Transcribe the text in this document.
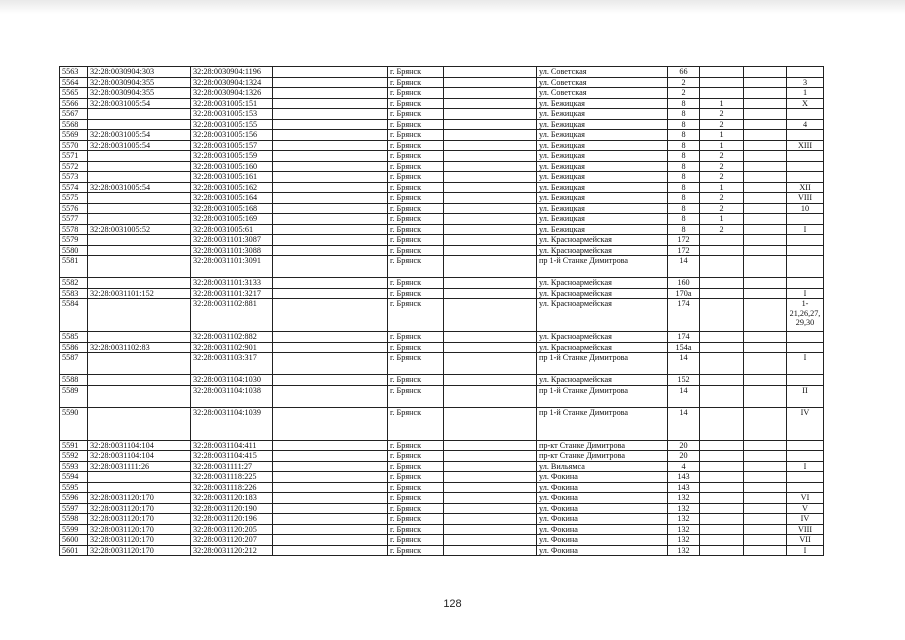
5563	32:28:0030904:303	32:28:0030904:1196		г. Брянск		ул. Советская	66			
5564	32:28:0030904:355	32:28:0030904:1324		г. Брянск		ул. Советская	2			3
5565	32:28:0030904:355	32:28:0030904:1326		г. Брянск		ул. Советская	2			1
5566	32:28:0031005:54	32:28:0031005:151		г. Брянск		ул. Бежицкая	8	1		X
5567		32:28:0031005:153		г. Брянск		ул. Бежицкая	8	2		
5568		32:28:0031005:155		г. Брянск		ул. Бежицкая	8	2		4
5569	32:28:0031005:54	32:28:0031005:156		г. Брянск		ул. Бежицкая	8	1		
5570	32:28:0031005:54	32:28:0031005:157		г. Брянск		ул. Бежицкая	8	1		XIII
5571		32:28:0031005:159		г. Брянск		ул. Бежицкая	8	2		
5572		32:28:0031005:160		г. Брянск		ул. Бежицкая	8	2		
5573		32:28:0031005:161		г. Брянск		ул. Бежицкая	8	2		
5574	32:28:0031005:54	32:28:0031005:162		г. Брянск		ул. Бежицкая	8	1		XII
5575		32:28:0031005:164		г. Брянск		ул. Бежицкая	8	2		VIII
5576		32:28:0031005:168		г. Брянск		ул. Бежицкая	8	2		10
5577		32:28:0031005:169		г. Брянск		ул. Бежицкая	8	1		
5578	32:28:0031005:52	32:28:0031005:61		г. Брянск		ул. Бежицкая	8	2		I
5579		32:28:0031101:3087		г. Брянск		ул. Красноармейская	172			
5580		32:28:0031101:3088		г. Брянск		ул. Красноармейская	172			
5581		32:28:0031101:3091		г. Брянск		пр 1-й Станке Димитрова	14			
5582		32:28:0031101:3133		г. Брянск		ул. Красноармейская	160			
5583	32:28:0031101:152	32:28:0031101:3217		г. Брянск		ул. Красноармейская	170а			I
5584		32:28:0031102:881		г. Брянск		ул. Красноармейская	174			1-21,26,27, 29,30
5585		32:28:0031102:882		г. Брянск		ул. Красноармейская	174			
5586	32:28:0031102:83	32:28:0031102:901		г. Брянск		ул. Красноармейская	154а			
5587		32:28:0031103:317		г. Брянск		пр 1-й Станке Димитрова	14			I
5588		32:28:0031104:1030		г. Брянск		ул. Красноармейская	152			
5589		32:28:0031104:1038		г. Брянск		пр 1-й Станке Димитрова	14			II
5590		32:28:0031104:1039		г. Брянск		пр 1-й Станке Димитрова	14			IV
5591	32:28:0031104:104	32:28:0031104:411		г. Брянск		пр-кт Станке Димитрова	20			
5592	32:28:0031104:104	32:28:0031104:415		г. Брянск		пр-кт Станке Димитрова	20			
5593	32:28:0031111:26	32:28:0031111:27		г. Брянск		ул. Вильямса	4			I
5594		32:28:0031118:225		г. Брянск		ул. Фокина	143			
5595		32:28:0031118:226		г. Брянск		ул. Фокина	143			
5596	32:28:0031120:170	32:28:0031120:183		г. Брянск		ул. Фокина	132			VI
5597	32:28:0031120:170	32:28:0031120:190		г. Брянск		ул. Фокина	132			V
5598	32:28:0031120:170	32:28:0031120:196		г. Брянск		ул. Фокина	132			IV
5599	32:28:0031120:170	32:28:0031120:205		г. Брянск		ул. Фокина	132			VIII
5600	32:28:0031120:170	32:28:0031120:207		г. Брянск		ул. Фокина	132			VII
5601	32:28:0031120:170	32:28:0031120:212		г. Брянск		ул. Фокина	132			I
128
